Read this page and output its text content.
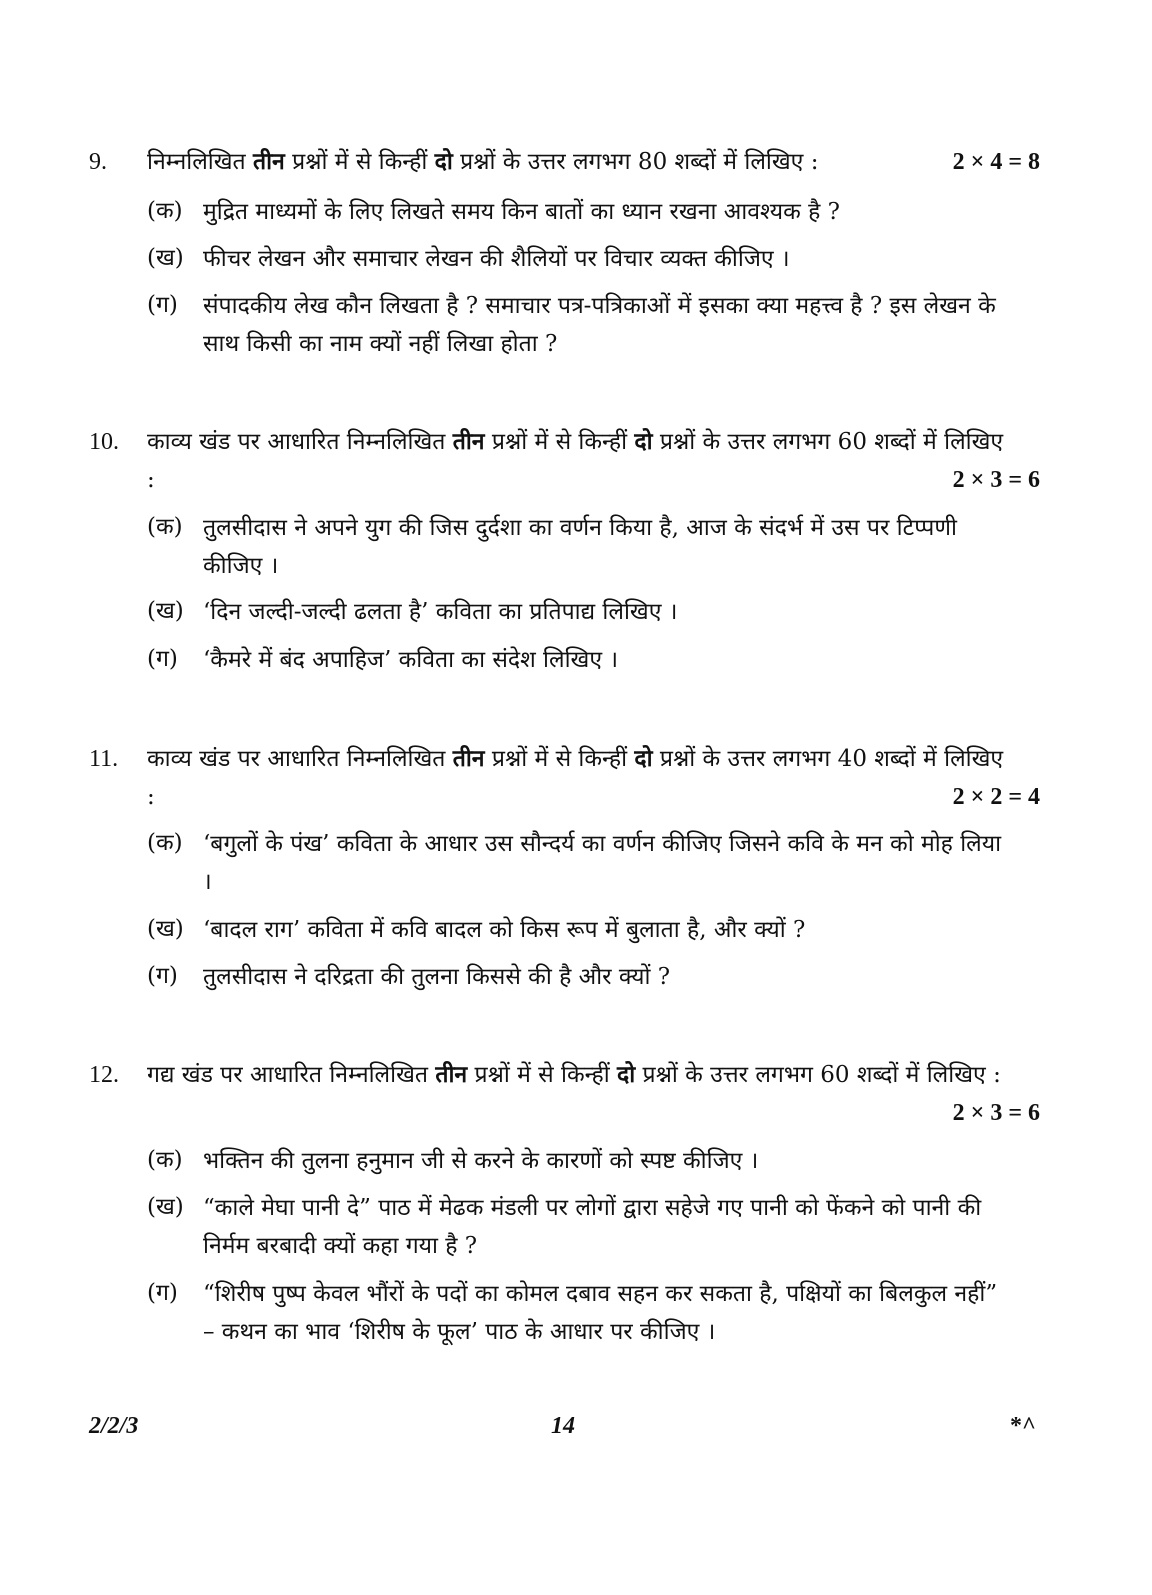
9.	निम्नलिखित तीन प्रश्नों में से किन्हीं दो प्रश्नों के उत्तर लगभग 80 शब्दों में लिखिए :	2 × 4 = 8
(क) मुद्रित माध्यमों के लिए लिखते समय किन बातों का ध्यान रखना आवश्यक है ?
(ख) फीचर लेखन और समाचार लेखन की शैलियों पर विचार व्यक्त कीजिए ।
(ग)	संपादकीय लेख कौन लिखता है ? समाचार पत्र-पत्रिकाओं में इसका क्या महत्त्व है ? इस लेखन के साथ किसी का नाम क्यों नहीं लिखा होता ?
10.	काव्य खंड पर आधारित निम्नलिखित तीन प्रश्नों में से किन्हीं दो प्रश्नों के उत्तर लगभग 60 शब्दों में लिखिए :	2 × 3 = 6
(क) तुलसीदास ने अपने युग की जिस दुर्दशा का वर्णन किया है, आज के संदर्भ में उस पर टिप्पणी कीजिए ।
(ख) ‘दिन जल्दी-जल्दी ढलता है’ कविता का प्रतिपाद्य लिखिए ।
(ग)	‘कैमरे में बंद अपाहिज’ कविता का संदेश लिखिए ।
11.	काव्य खंड पर आधारित निम्नलिखित तीन प्रश्नों में से किन्हीं दो प्रश्नों के उत्तर लगभग 40 शब्दों में लिखिए :	2 × 2 = 4
(क) ‘बगुलों के पंख’ कविता के आधार उस सौन्दर्य का वर्णन कीजिए जिसने कवि के मन को मोह लिया ।
(ख) ‘बादल राग’ कविता में कवि बादल को किस रूप में बुलाता है, और क्यों ?
(ग)	तुलसीदास ने दरिद्रता की तुलना किससे की है और क्यों ?
12.	गद्य खंड पर आधारित निम्नलिखित तीन प्रश्नों में से किन्हीं दो प्रश्नों के उत्तर लगभग 60 शब्दों में लिखिए :
2 × 3 = 6
(क) भक्तिन की तुलना हनुमान जी से करने के कारणों को स्पष्ट कीजिए ।
(ख) “काले मेघा पानी दे” पाठ में मेढक मंडली पर लोगों द्वारा सहेजे गए पानी को फेंकने को पानी की निर्मम बरबादी क्यों कहा गया है ?
(ग)	“शिरीष पुष्प केवल भौंरों के पदों का कोमल दबाव सहन कर सकता है, पक्षियों का बिलकुल नहीं” – कथन का भाव ‘शिरीष के फूल’ पाठ के आधार पर कीजिए ।
2/2/3	14	*^
